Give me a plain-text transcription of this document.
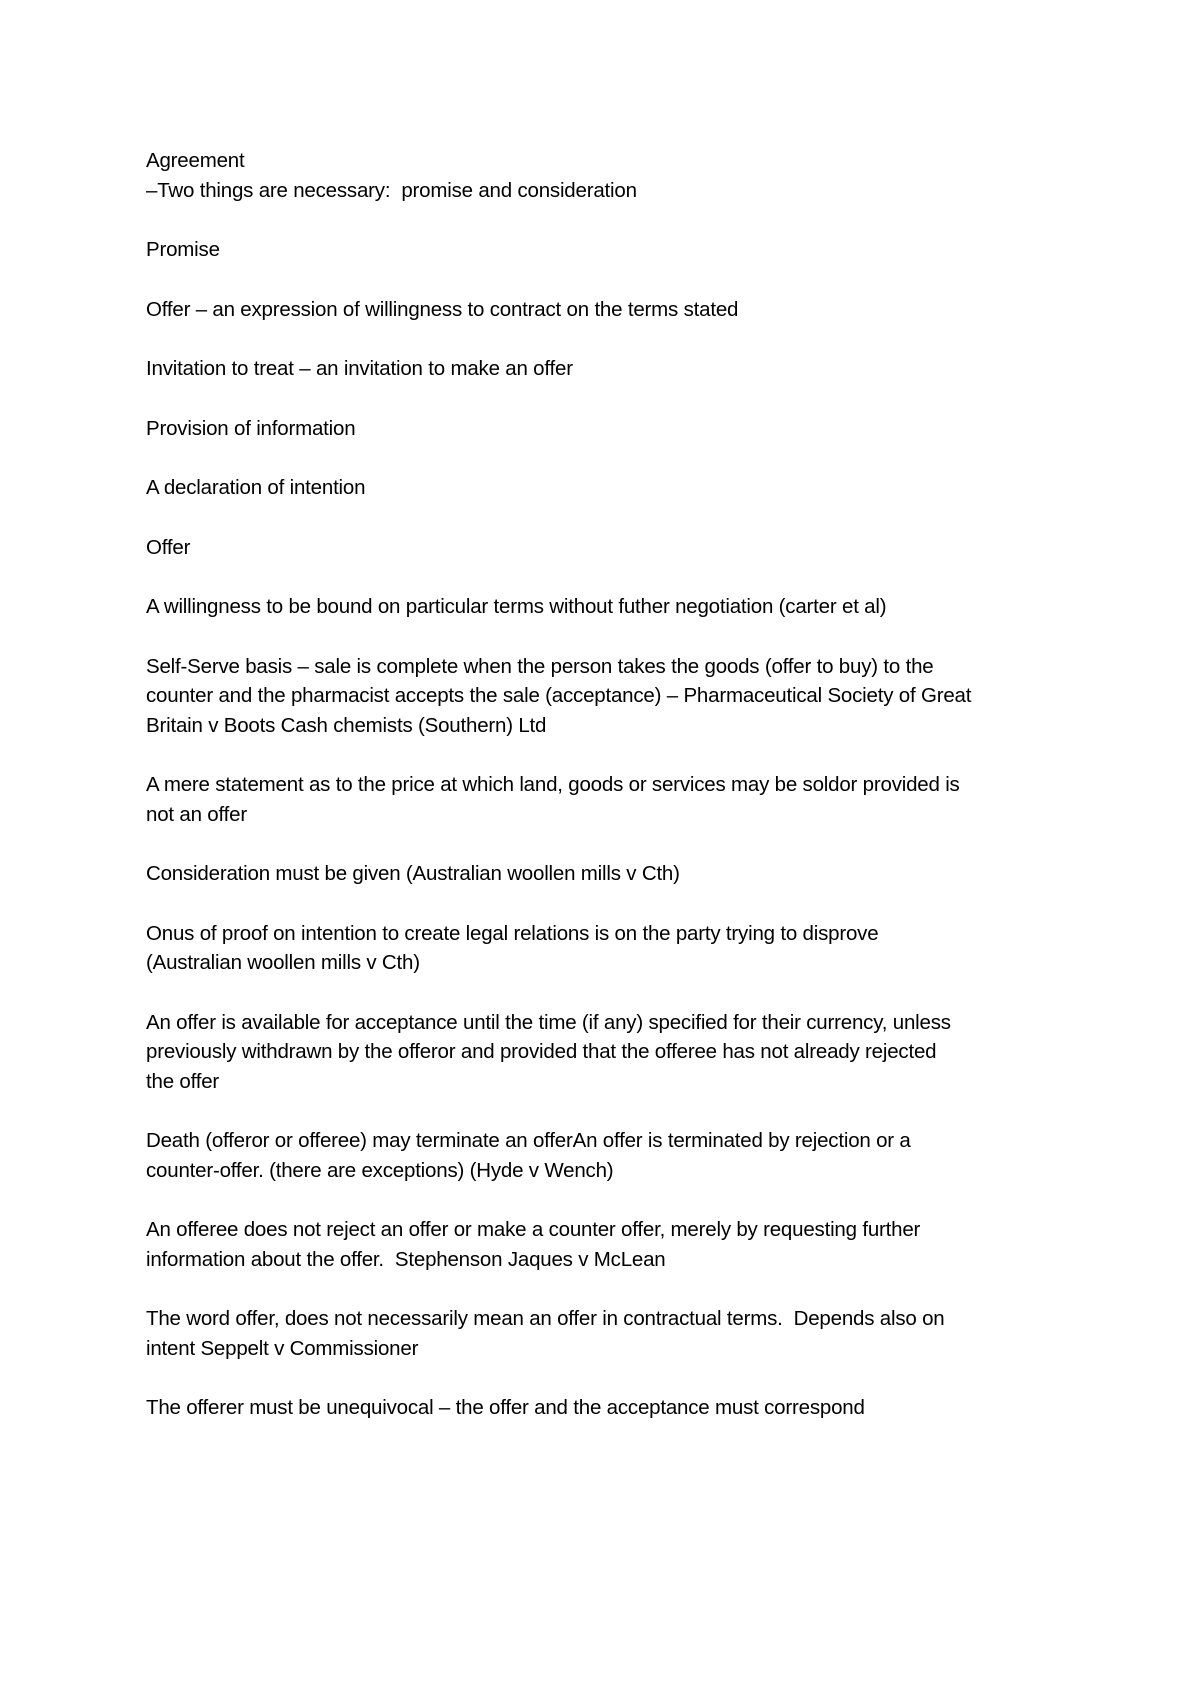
Agreement
–Two things are necessary:  promise and consideration

Promise

Offer – an expression of willingness to contract on the terms stated

Invitation to treat – an invitation to make an offer

Provision of information

A declaration of intention

Offer

A willingness to be bound on particular terms without futher negotiation (carter et al)

Self-Serve basis – sale is complete when the person takes the goods (offer to buy) to the
counter and the pharmacist accepts the sale (acceptance) – Pharmaceutical Society of Great
Britain v Boots Cash chemists (Southern) Ltd

A mere statement as to the price at which land, goods or services may be soldor provided is
not an offer

Consideration must be given (Australian woollen mills v Cth)

Onus of proof on intention to create legal relations is on the party trying to disprove
(Australian woollen mills v Cth)

An offer is available for acceptance until the time (if any) specified for their currency, unless
previously withdrawn by the offeror and provided that the offeree has not already rejected
the offer

Death (offeror or offeree) may terminate an offerAn offer is terminated by rejection or a
counter-offer. (there are exceptions) (Hyde v Wench)

An offeree does not reject an offer or make a counter offer, merely by requesting further
information about the offer.  Stephenson Jaques v McLean

The word offer, does not necessarily mean an offer in contractual terms.  Depends also on
intent Seppelt v Commissioner

The offerer must be unequivocal – the offer and the acceptance must correspond
